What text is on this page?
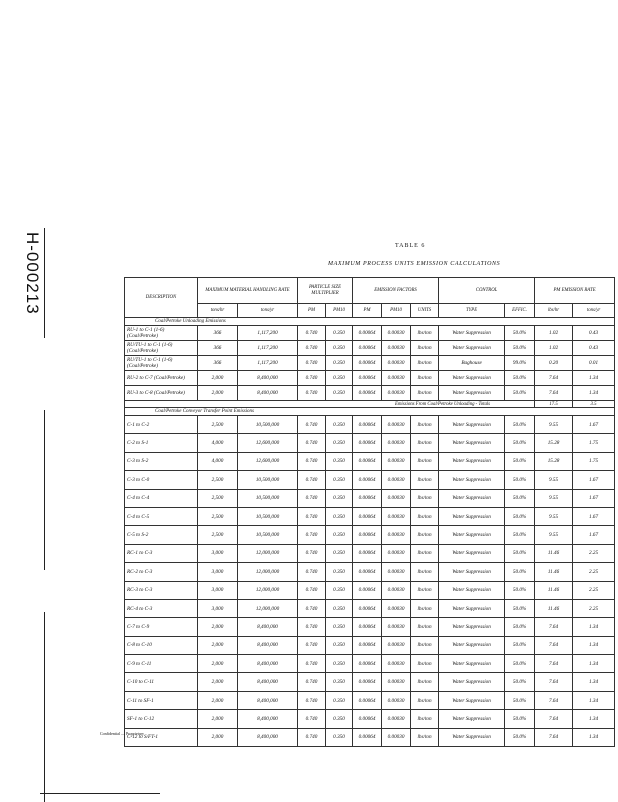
H-000213	TABLE 6
MAXIMUM PROCESS UNITS EMISSION CALCULATIONS
DESCRIPTION	MAXIMUM MATERIAL HANDLING RATE		PARTICLE SIZE MULTIPLIER		EMISSION FACTORS			CONTROL		PM EMISSION RATE	
	tons/hr	tons/yr	PM	PM10	PM	PM10	UNITS	TYPE	EFFIC.	lbs/hr	tons/yr
Coal/Petroke Unloading Emissions											
RU-1 to C-1 (1-6) (Coal/Petroke)	366	1,117,200	0.740	0.350	0.00064	0.00030	lbs/ton	Water Suppression	50.0%	1.02	0.43
RU/TU-1 to C-1 (1-6) (Coal/Petroke)	366	1,117,200	0.740	0.350	0.00064	0.00030	lbs/ton	Water Suppression	50.0%	1.02	0.43
RU/TU-1 to C-1 (1-6) (Coal/Petroke)	366	1,117,200	0.740	0.350	0.00064	0.00030	lbs/ton	Baghouse	99.0%	0.20	0.01
RU-2 to C-7 (Coal/Petroke)	2,000	8,400,000	0.740	0.350	0.00064	0.00030	lbs/ton	Water Suppression	50.0%	7.64	1.34
RU-3 to C-8 (Coal/Petroke)	2,000	8,400,000	0.740	0.350	0.00064	0.00030	lbs/ton	Water Suppression	50.0%	7.64	1.34
Emissions From Coal/Petroke Unloading - Totals										17.5	3.5
Coal/Petroke Conveyor Transfer Point Emissions											
C-1 to C-2	2,500	10,500,000	0.740	0.350	0.00064	0.00030	lbs/ton	Water Suppression	50.0%	9.55	1.67
C-2 to S-1	4,000	12,600,000	0.740	0.350	0.00064	0.00030	lbs/ton	Water Suppression	50.0%	15.28	1.75
C-3 to S-2	4,000	12,600,000	0.740	0.350	0.00064	0.00030	lbs/ton	Water Suppression	50.0%	15.28	1.75
C-3 to C-0	2,500	10,500,000	0.740	0.350	0.00064	0.00030	lbs/ton	Water Suppression	50.0%	9.55	1.67
C-4 to C-4	2,500	10,500,000	0.740	0.350	0.00064	0.00030	lbs/ton	Water Suppression	50.0%	9.55	1.67
C-4 to C-5	2,500	10,500,000	0.740	0.350	0.00064	0.00030	lbs/ton	Water Suppression	50.0%	9.55	1.67
C-5 to S-2	2,500	10,500,000	0.740	0.350	0.00064	0.00030	lbs/ton	Water Suppression	50.0%	9.55	1.67
RC-1 to C-3	3,000	12,000,000	0.740	0.350	0.00064	0.00030	lbs/ton	Water Suppression	50.0%	11.46	2.25
RC-2 to C-3	3,000	12,000,000	0.740	0.350	0.00064	0.00030	lbs/ton	Water Suppression	50.0%	11.46	2.25
RC-3 to C-3	3,000	12,000,000	0.740	0.350	0.00064	0.00030	lbs/ton	Water Suppression	50.0%	11.46	2.25
RC-4 to C-3	3,000	12,000,000	0.740	0.350	0.00064	0.00030	lbs/ton	Water Suppression	50.0%	11.46	2.25
C-7 to C-9	2,000	8,400,000	0.740	0.350	0.00064	0.00030	lbs/ton	Water Suppression	50.0%	7.64	1.34
C-8 to C-10	2,000	8,400,000	0.740	0.350	0.00064	0.00030	lbs/ton	Water Suppression	50.0%	7.64	1.34
C-9 to C-11	2,000	8,400,000	0.740	0.350	0.00064	0.00030	lbs/ton	Water Suppression	50.0%	7.64	1.34
C-10 to C-11	2,000	8,400,000	0.740	0.350	0.00064	0.00030	lbs/ton	Water Suppression	50.0%	7.64	1.34
C-11 to SF-1	2,000	8,400,000	0.740	0.350	0.00064	0.00030	lbs/ton	Water Suppression	50.0%	7.64	1.34
SF-1 to C-12	2,000	8,400,000	0.740	0.350	0.00064	0.00030	lbs/ton	Water Suppression	50.0%	7.64	1.34
C-12 to S/FT-1	2,000	8,400,000	0.740	0.350	0.00064	0.00030	lbs/ton	Water Suppression	50.0%	7.64	1.34
Confidential — Proprietary
